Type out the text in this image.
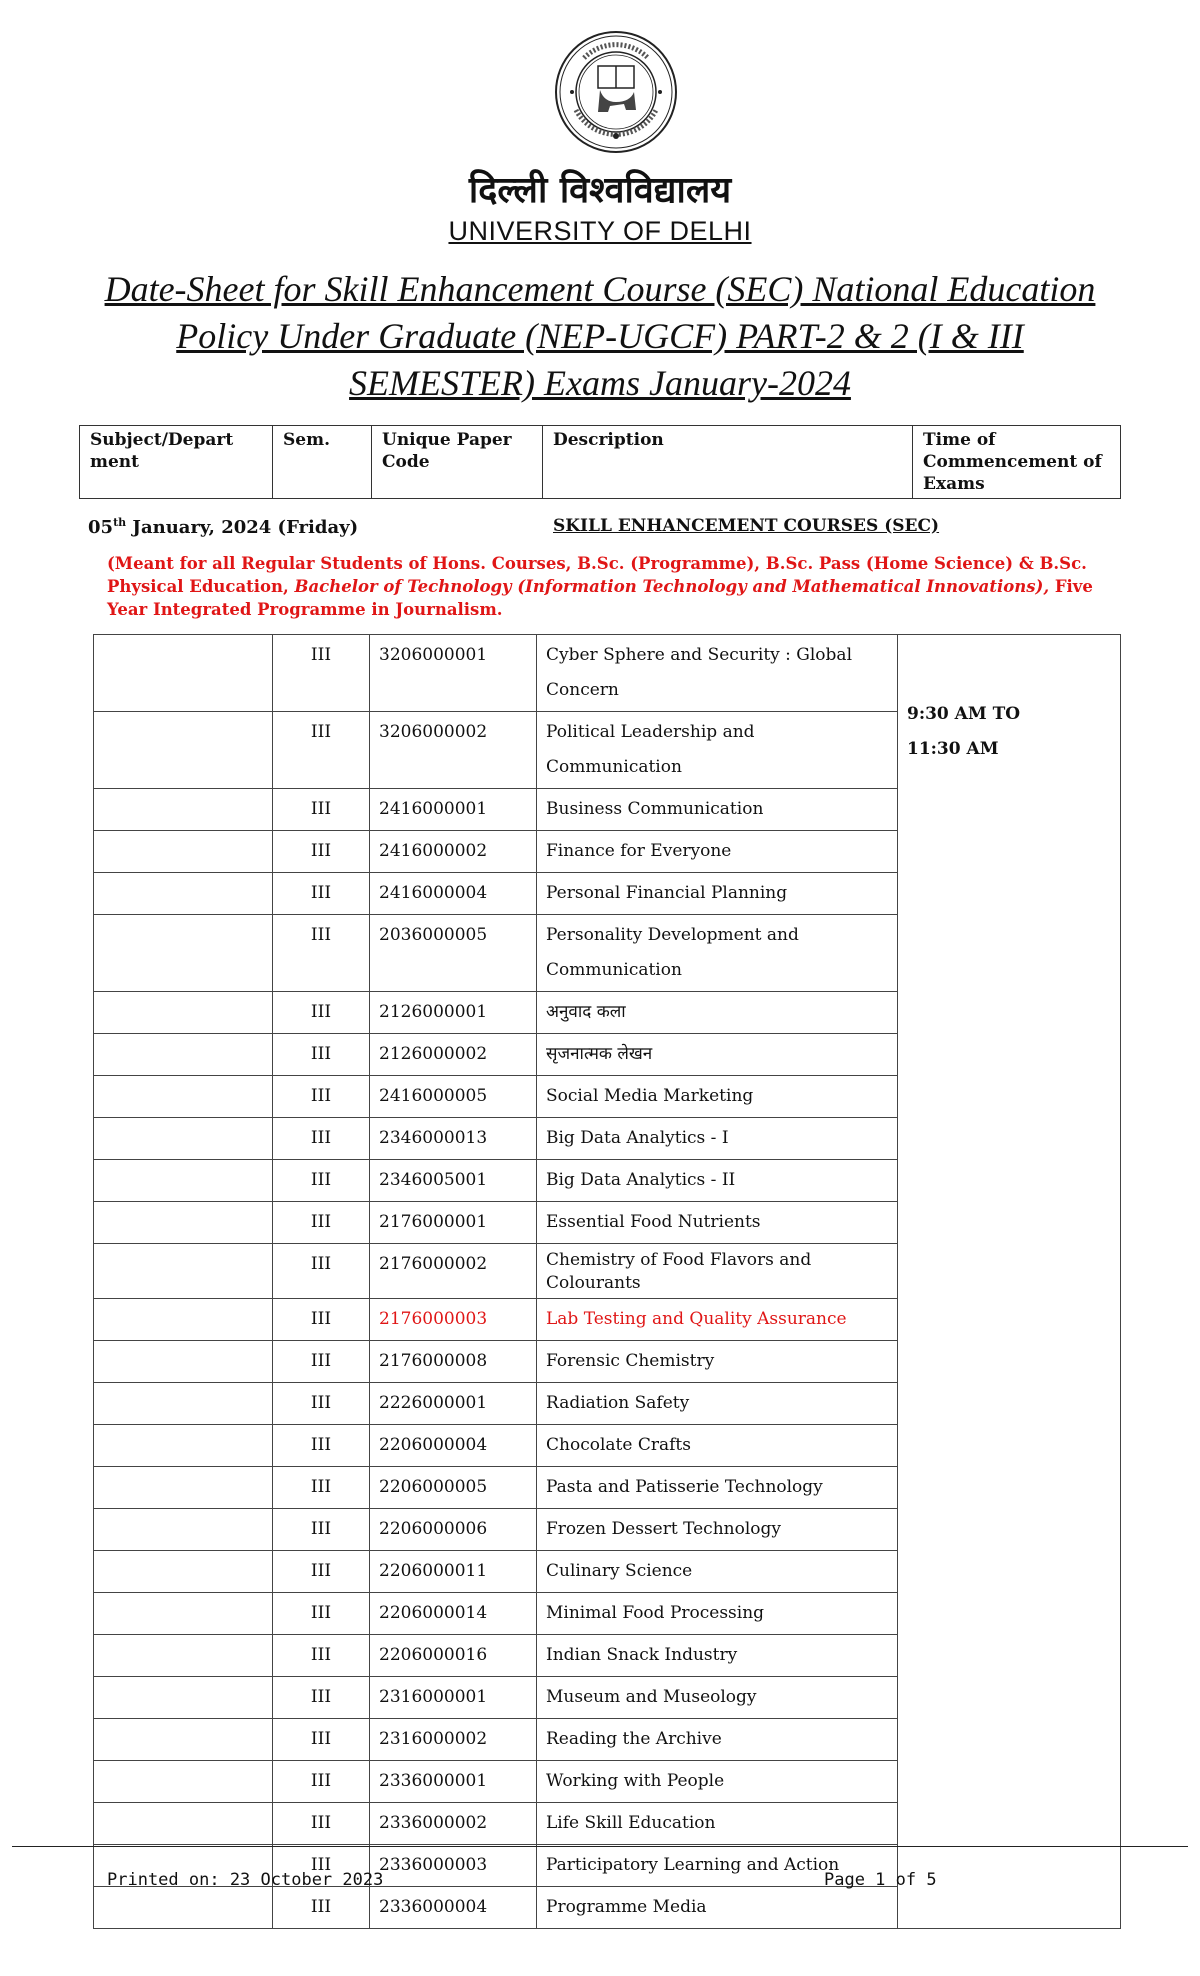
दिल्ली विश्वविद्यालय
UNIVERSITY OF DELHI
Date-Sheet for Skill Enhancement Course (SEC) National Education Policy Under Graduate (NEP-UGCF) PART-2 & 2 (I & III SEMESTER) Exams January-2024
Subject/Depart ment	Sem.	Unique Paper Code	Description	Time of Commencement of Exams
05th January, 2024 (Friday)	SKILL ENHANCEMENT COURSES (SEC)
(Meant for all Regular Students of Hons. Courses, B.Sc. (Programme), B.Sc. Pass (Home Science) & B.Sc. Physical Education, Bachelor of Technology (Information Technology and Mathematical Innovations), Five Year Integrated Programme in Journalism.
	III	3206000001	Cyber Sphere and Security : Global Concern	9:30 AM TO
11:30 AM

	III	3206000002	Political Leadership and Communication	
	III	2416000001	Business Communication	
	III	2416000002	Finance for Everyone	
	III	2416000004	Personal Financial Planning	
	III	2036000005	Personality Development and Communication	
	III	2126000001	अनुवाद कला	
	III	2126000002	सृजनात्मक लेखन	
	III	2416000005	Social Media Marketing	
	III	2346000013	Big Data Analytics - I	
	III	2346005001	Big Data Analytics - II	
	III	2176000001	Essential Food Nutrients	
	III	2176000002	Chemistry of Food Flavors and Colourants	
	III	2176000003	Lab Testing and Quality Assurance	
	III	2176000008	Forensic Chemistry	
	III	2226000001	Radiation Safety	
	III	2206000004	Chocolate Crafts	
	III	2206000005	Pasta and Patisserie Technology	
	III	2206000006	Frozen Dessert Technology	
	III	2206000011	Culinary Science	
	III	2206000014	Minimal Food Processing	
	III	2206000016	Indian Snack Industry	
	III	2316000001	Museum and Museology	
	III	2316000002	Reading the Archive	
	III	2336000001	Working with People	
	III	2336000002	Life Skill Education	
	III	2336000003	Participatory Learning and Action	
	III	2336000004	Programme Media	
Printed on: 23 October 2023	Page 1 of 5
